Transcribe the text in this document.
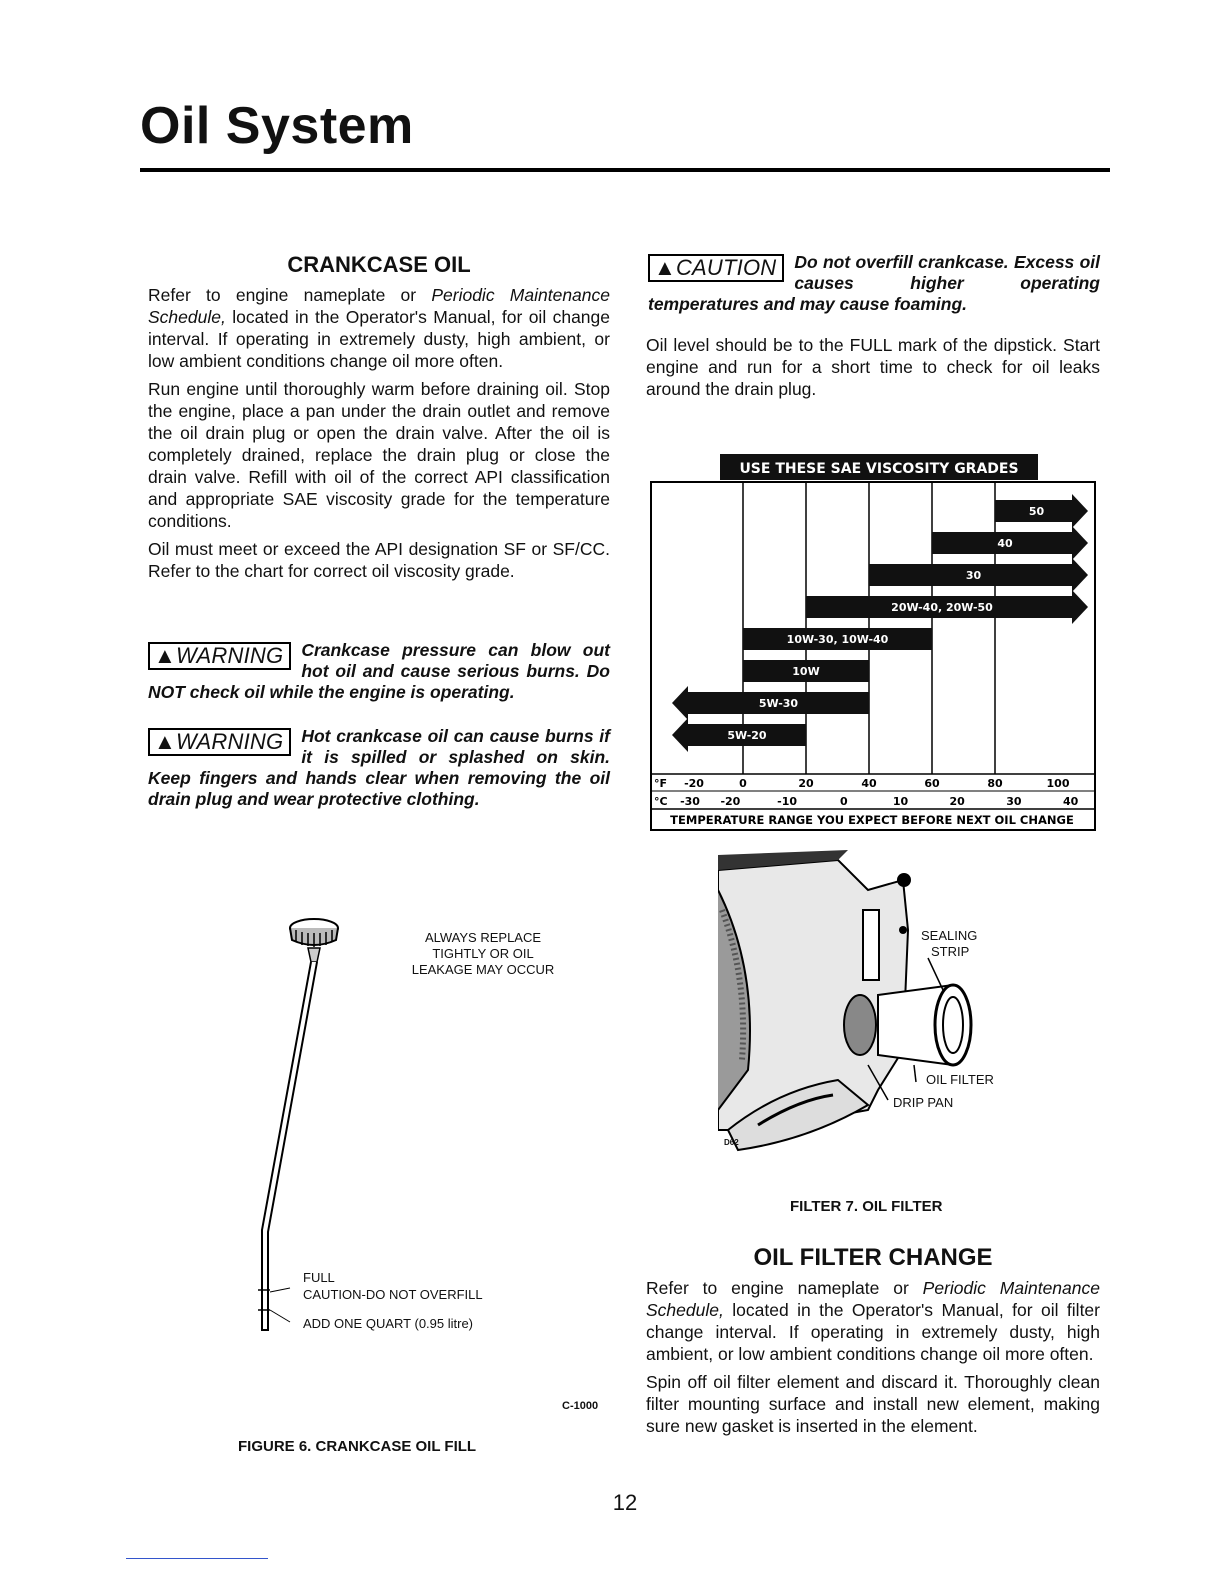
Oil System
CRANKCASE OIL

Refer to engine nameplate or Periodic Maintenance Schedule, located in the Operator's Manual, for oil change interval. If operating in extremely dusty, high ambient, or low ambient conditions change oil more often.

Run engine until thoroughly warm before draining oil. Stop the engine, place a pan under the drain outlet and remove the oil drain plug or open the drain valve. After the oil is completely drained, replace the drain plug or close the drain valve. Refill with oil of the correct API classification and appropriate SAE viscosity grade for the temperature conditions.

Oil must meet or exceed the API designation SF or SF/CC. Refer to the chart for correct oil viscosity grade.

▲WARNING	Crankcase pressure can blow out hot oil and cause serious burns. Do NOT check oil while the engine is operating.
▲WARNING	Hot crankcase oil can cause burns if it is spilled or splashed on skin. Keep fingers and hands clear when removing the oil drain plug and wear protective clothing.
ALWAYS REPLACE
TIGHTLY OR OIL
LEAKAGE MAY OCCUR
FULL
CAUTION-DO NOT OVERFILL
ADD ONE QUART (0.95 litre)
C-1000
FIGURE 6. CRANKCASE OIL FILL
▲CAUTION	Do not overfill crankcase. Excess oil causes higher operating temperatures and may cause foaming.
Oil level should be to the FULL mark of the dipstick. Start engine and run for a short time to check for oil leaks around the drain plug.
USE THESE SAE VISCOSITY GRADES
50
40
30
20W-40, 20W-50
10W-30, 10W-40
10W
5W-30
5W-20
°F -20	0	20	40	60	80	100
°C -30 -20	-10	0	10	20	30	40
TEMPERATURE RANGE YOU EXPECT BEFORE NEXT OIL CHANGE
SEALING
STRIP
OIL FILTER
DRIP PAN
D62
FILTER 7. OIL FILTER
OIL FILTER CHANGE

Refer to engine nameplate or Periodic Maintenance Schedule, located in the Operator's Manual, for oil filter change interval. If operating in extremely dusty, high ambient, or low ambient conditions change oil more often.

Spin off oil filter element and discard it. Thoroughly clean filter mounting surface and install new element, making sure new gasket is inserted in the element.

12
